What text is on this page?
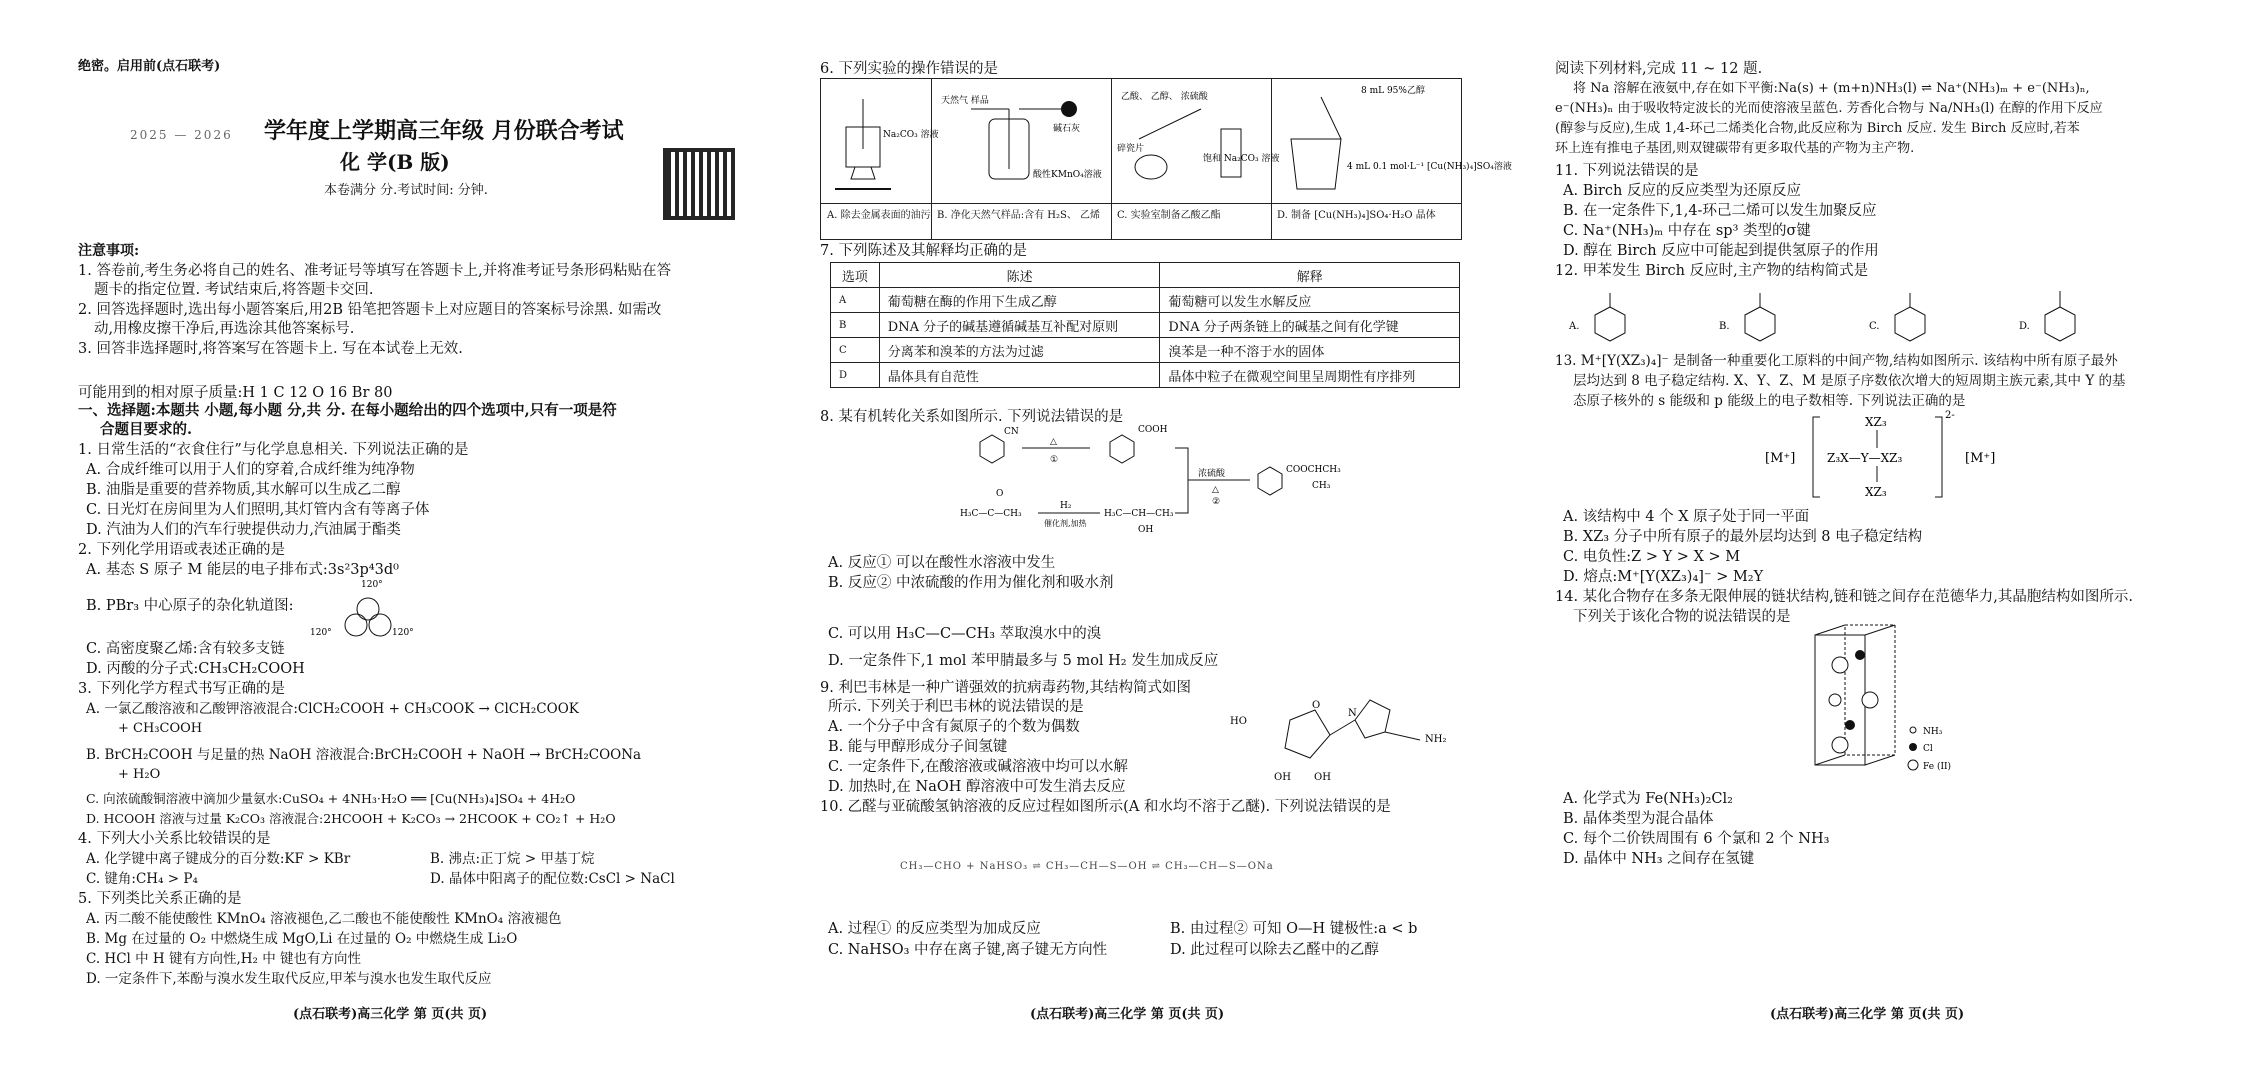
绝密。启用前(点石联考)
2025 — 2026 学年度上学期高三年级 月份联合考试
化 学(B 版)
本卷满分 分.考试时间: 分钟.
注意事项:
1. 答卷前,考生务必将自己的姓名、准考证号等填写在答题卡上,并将准考证号条形码粘贴在答
题卡的指定位置. 考试结束后,将答题卡交回.
2. 回答选择题时,选出每小题答案后,用2B 铅笔把答题卡上对应题目的答案标号涂黑. 如需改
动,用橡皮擦干净后,再选涂其他答案标号.
3. 回答非选择题时,将答案写在答题卡上. 写在本试卷上无效.
可能用到的相对原子质量:H 1 C 12 O 16 Br 80
一、选择题:本题共 小题,每小题 分,共 分. 在每小题给出的四个选项中,只有一项是符
合题目要求的.
1. 日常生活的“衣食住行”与化学息息相关. 下列说法正确的是
A. 合成纤维可以用于人们的穿着,合成纤维为纯净物
B. 油脂是重要的营养物质,其水解可以生成乙二醇
C. 日光灯在房间里为人们照明,其灯管内含有等离子体
D. 汽油为人们的汽车行驶提供动力,汽油属于酯类
2. 下列化学用语或表述正确的是
A. 基态 S 原子 M 能层的电子排布式:3s²3p⁴3d⁰
B. PBr₃ 中心原子的杂化轨道图:
120°
120°	120°
C. 高密度聚乙烯:含有较多支链
D. 丙酸的分子式:CH₃CH₂COOH
3. 下列化学方程式书写正确的是
A. 一氯乙酸溶液和乙酸钾溶液混合:ClCH₂COOH + CH₃COOK → ClCH₂COOK
+ CH₃COOH
B. BrCH₂COOH 与足量的热 NaOH 溶液混合:BrCH₂COOH + NaOH → BrCH₂COONa
+ H₂O
C. 向浓硫酸铜溶液中滴加少量氨水:CuSO₄ + 4NH₃·H₂O ══ [Cu(NH₃)₄]SO₄ + 4H₂O
D. HCOOH 溶液与过量 K₂CO₃ 溶液混合:2HCOOH + K₂CO₃ → 2HCOOK + CO₂↑ + H₂O
4. 下列大小关系比较错误的是
A. 化学键中离子键成分的百分数:KF > KBr	B. 沸点:正丁烷 > 甲基丁烷
C. 键角:CH₄ > P₄	D. 晶体中阳离子的配位数:CsCl > NaCl
5. 下列类比关系正确的是
A. 丙二酸不能使酸性 KMnO₄ 溶液褪色,乙二酸也不能使酸性 KMnO₄ 溶液褪色
B. Mg 在过量的 O₂ 中燃烧生成 MgO,Li 在过量的 O₂ 中燃烧生成 Li₂O
C. HCl 中 H 键有方向性,H₂ 中 键也有方向性
D. 一定条件下,苯酚与溴水发生取代反应,甲苯与溴水也发生取代反应
(点石联考)高三化学 第 页(共 页)
6. 下列实验的操作错误的是
Na₂CO₃ 溶液
天然气 样品
酸性KMnO₄溶液
碱石灰
乙酸、 乙醇、 浓硫酸
饱和 Na₂CO₃ 溶液
碎瓷片
8 mL 95%乙醇
4 mL 0.1 mol·L⁻¹ [Cu(NH₃)₄]SO₄溶液
A. 除去金属表面的油污 B. 净化天然气样品:含有 H₂S、 乙烯 C. 实验室制备乙酸乙酯	D. 制备 [Cu(NH₃)₄]SO₄·H₂O 晶体
7. 下列陈述及其解释均正确的是
选项	陈述	解释
A	葡萄糖在酶的作用下生成乙醇	葡萄糖可以发生水解反应
B	DNA 分子的碱基遵循碱基互补配对原则	DNA 分子两条链上的碱基之间有化学键
C	分离苯和溴苯的方法为过滤	溴苯是一种不溶于水的固体
D	晶体具有自范性	晶体中粒子在微观空间里呈周期性有序排列
8. 某有机转化关系如图所示. 下列说法错误的是
CN
△
①
COOH
H₃C—C—CH₃
O
H₂
催化剂,加热
H₃C—CH—CH₃
OH
浓硫酸
△
②
COOCHCH₃
CH₃
A. 反应① 可以在酸性水溶液中发生
B. 反应② 中浓硫酸的作用为催化剂和吸水剂
C. 可以用 H₃C—C—CH₃ 萃取溴水中的溴
D. 一定条件下,1 mol 苯甲腈最多与 5 mol H₂ 发生加成反应
9. 利巴韦林是一种广谱强效的抗病毒药物,其结构简式如图
所示. 下列关于利巴韦林的说法错误的是
A. 一个分子中含有氮原子的个数为偶数
B. 能与甲醇形成分子间氢键
C. 一定条件下,在酸溶液或碱溶液中均可以水解
D. 加热时,在 NaOH 醇溶液中可发生消去反应
HO
OH OH
O
N
NH₂
10. 乙醛与亚硫酸氢钠溶液的反应过程如图所示(A 和水均不溶于乙醚). 下列说法错误的是
CH₃—CHO + NaHSO₃ ⇌ CH₃—CH—S—OH ⇌ CH₃—CH—S—ONa
A. 过程① 的反应类型为加成反应	B. 由过程② 可知 O—H 键极性:a < b
C. NaHSO₃ 中存在离子键,离子键无方向性	D. 此过程可以除去乙醛中的乙醇
(点石联考)高三化学 第 页(共 页)
阅读下列材料,完成 11 ~ 12 题.
将 Na 溶解在液氨中,存在如下平衡:Na(s) + (m+n)NH₃(l) ⇌ Na⁺(NH₃)ₘ + e⁻(NH₃)ₙ,
e⁻(NH₃)ₙ 由于吸收特定波长的光而使溶液呈蓝色. 芳香化合物与 Na/NH₃(l) 在醇的作用下反应
(醇参与反应),生成 1,4-环己二烯类化合物,此反应称为 Birch 反应. 发生 Birch 反应时,若苯
环上连有推电子基团,则双键碳带有更多取代基的产物为主产物.
11. 下列说法错误的是
A. Birch 反应的反应类型为还原反应
B. 在一定条件下,1,4-环己二烯可以发生加聚反应
C. Na⁺(NH₃)ₘ 中存在 sp³ 类型的σ键
D. 醇在 Birch 反应中可能起到提供氢原子的作用
12. 甲苯发生 Birch 反应时,主产物的结构简式是
A.	B.	C.	D.
13. M⁺[Y(XZ₃)₄]⁻ 是制备一种重要化工原料的中间产物,结构如图所示. 该结构中所有原子最外
层均达到 8 电子稳定结构. X、Y、Z、M 是原子序数依次增大的短周期主族元素,其中 Y 的基
态原子核外的 s 能级和 p 能级上的电子数相等. 下列说法正确的是
[M⁺]
XZ₃
Z₃X—Y—XZ₃
XZ₃
2-
[M⁺]
A. 该结构中 4 个 X 原子处于同一平面
B. XZ₃ 分子中所有原子的最外层均达到 8 电子稳定结构
C. 电负性:Z > Y > X > M
D. 熔点:M⁺[Y(XZ₃)₄]⁻ > M₂Y
14. 某化合物存在多条无限伸展的链状结构,链和链之间存在范德华力,其晶胞结构如图所示.
下列关于该化合物的说法错误的是
NH₃
Cl
Fe (II)
A. 化学式为 Fe(NH₃)₂Cl₂
B. 晶体类型为混合晶体
C. 每个二价铁周围有 6 个氯和 2 个 NH₃
D. 晶体中 NH₃ 之间存在氢键
(点石联考)高三化学 第 页(共 页)
